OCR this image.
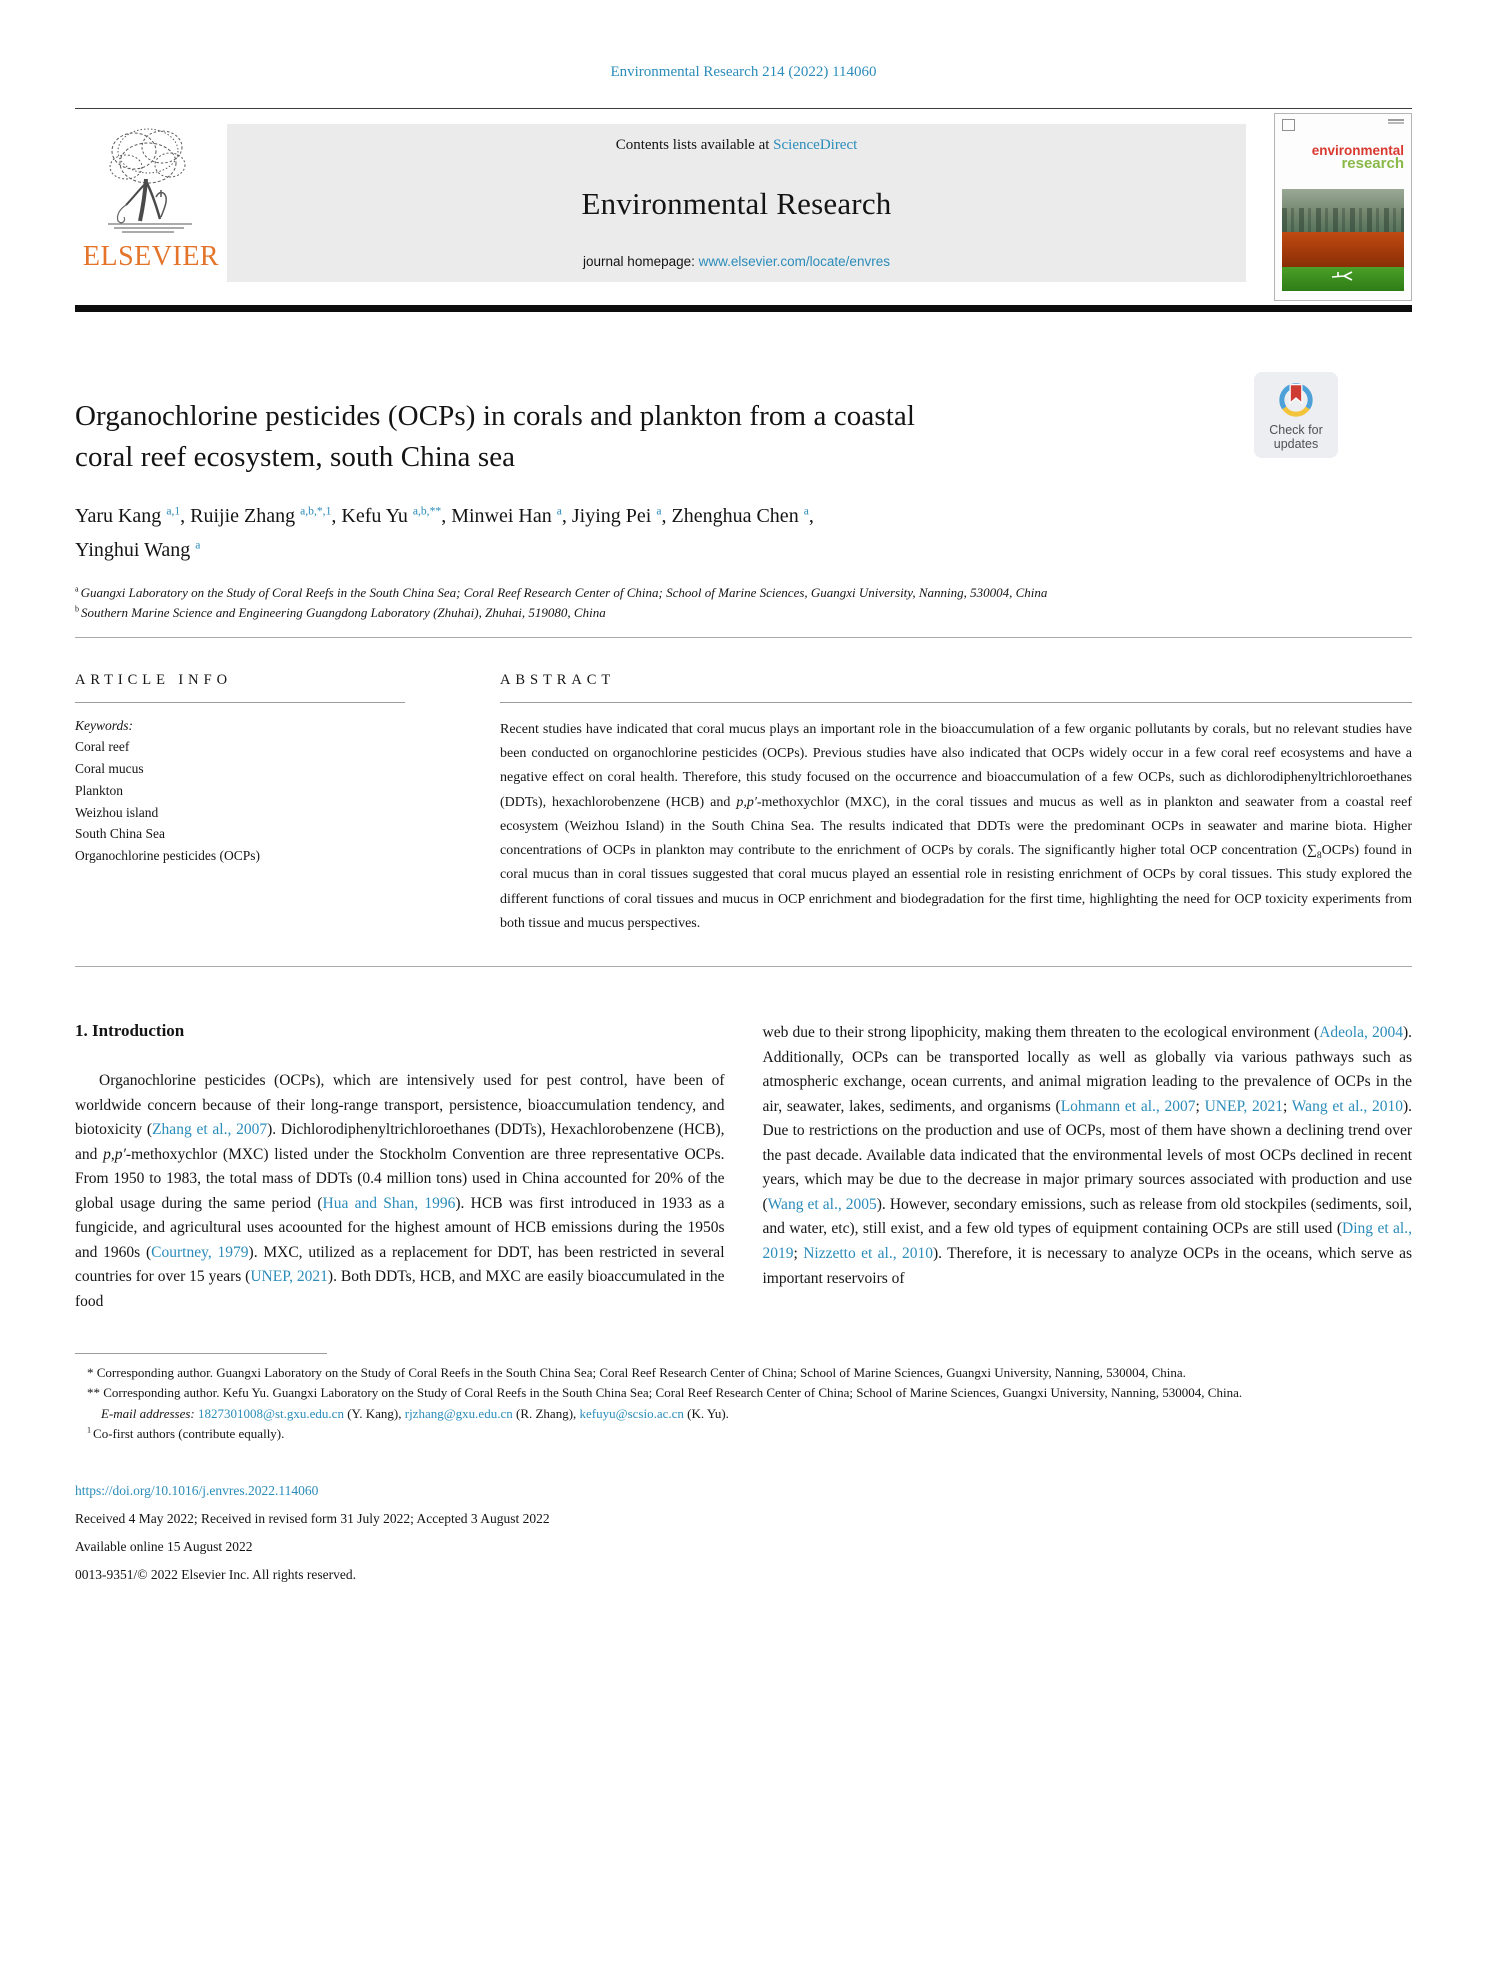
Environmental Research 214 (2022) 114060
ELSEVIER
Contents lists available at ScienceDirect
Environmental Research
journal homepage: www.elsevier.com/locate/envres
environmental
research
Check for
updates
Organochlorine pesticides (OCPs) in corals and plankton from a coastal
coral reef ecosystem, south China sea
Yaru Kang $^{a,1}$, Ruijie Zhang $^{a,b,*,1}$, Kefu Yu $^{a,b,**}$, Minwei Han $^a$, Jiying Pei $^a$, Zhenghua Chen $^a$,
Yinghui Wang $^a$
$^a$ Guangxi Laboratory on the Study of Coral Reefs in the South China Sea; Coral Reef Research Center of China; School of Marine Sciences, Guangxi University, Nanning, 530004, China
$^b$ Southern Marine Science and Engineering Guangdong Laboratory (Zhuhai), Zhuhai, 519080, China
ARTICLE INFO
Keywords:
Coral reef
Coral mucus
Plankton
Weizhou island
South China Sea
Organochlorine pesticides (OCPs)
ABSTRACT
Recent studies have indicated that coral mucus plays an important role in the bioaccumulation of a few organic pollutants by corals, but no relevant studies have been conducted on organochlorine pesticides (OCPs). Previous studies have also indicated that OCPs widely occur in a few coral reef ecosystems and have a negative effect on coral health. Therefore, this study focused on the occurrence and bioaccumulation of a few OCPs, such as dichlorodiphenyltrichloroethanes (DDTs), hexachlorobenzene (HCB) and p,p′-methoxychlor (MXC), in the coral tissues and mucus as well as in plankton and seawater from a coastal reef ecosystem (Weizhou Island) in the South China Sea. The results indicated that DDTs were the predominant OCPs in seawater and marine biota. Higher concentrations of OCPs in plankton may contribute to the enrichment of OCPs by corals. The significantly higher total OCP concentration $(\sum_8OCPs)$ found in coral mucus than in coral tissues suggested that coral mucus played an essential role in resisting enrichment of OCPs by coral tissues. This study explored the different functions of coral tissues and mucus in OCP enrichment and biodegradation for the first time, highlighting the need for OCP toxicity experiments from both tissue and mucus perspectives.
1. Introduction

Organochlorine pesticides (OCPs), which are intensively used for pest control, have been of worldwide concern because of their long-range transport, persistence, bioaccumulation tendency, and biotoxicity (Zhang et al., 2007). Dichlorodiphenyltrichloroethanes (DDTs), Hexachlorobenzene (HCB), and p,p′-methoxychlor (MXC) listed under the Stockholm Convention are three representative OCPs. From 1950 to 1983, the total mass of DDTs (0.4 million tons) used in China accounted for 20% of the global usage during the same period (Hua and Shan, 1996). HCB was first introduced in 1933 as a fungicide, and agricultural uses acoounted for the highest amount of HCB emissions during the 1950s and 1960s (Courtney, 1979). MXC, utilized as a replacement for DDT, has been restricted in several countries for over 15 years (UNEP, 2021). Both DDTs, HCB, and MXC are easily bioaccumulated in the food

web due to their strong lipophicity, making them threaten to the ecological environment (Adeola, 2004). Additionally, OCPs can be transported locally as well as globally via various pathways such as atmospheric exchange, ocean currents, and animal migration leading to the prevalence of OCPs in the air, seawater, lakes, sediments, and organisms (Lohmann et al., 2007; UNEP, 2021; Wang et al., 2010). Due to restrictions on the production and use of OCPs, most of them have shown a declining trend over the past decade. Available data indicated that the environmental levels of most OCPs declined in recent years, which may be due to the decrease in major primary sources associated with production and use (Wang et al., 2005). However, secondary emissions, such as release from old stockpiles (sediments, soil, and water, etc), still exist, and a few old types of equipment containing OCPs are still used (Ding et al., 2019; Nizzetto et al., 2010). Therefore, it is necessary to analyze OCPs in the oceans, which serve as important reservoirs of

* Corresponding author. Guangxi Laboratory on the Study of Coral Reefs in the South China Sea; Coral Reef Research Center of China; School of Marine Sciences, Guangxi University, Nanning, 530004, China.

** Corresponding author. Kefu Yu. Guangxi Laboratory on the Study of Coral Reefs in the South China Sea; Coral Reef Research Center of China; School of Marine Sciences, Guangxi University, Nanning, 530004, China.

E-mail addresses: 1827301008@st.gxu.edu.cn (Y. Kang), rjzhang@gxu.edu.cn (R. Zhang), kefuyu@scsio.ac.cn (K. Yu).

$^1$ Co-first authors (contribute equally).

https://doi.org/10.1016/j.envres.2022.114060
Received 4 May 2022; Received in revised form 31 July 2022; Accepted 3 August 2022
Available online 15 August 2022
0013-9351/© 2022 Elsevier Inc. All rights reserved.
